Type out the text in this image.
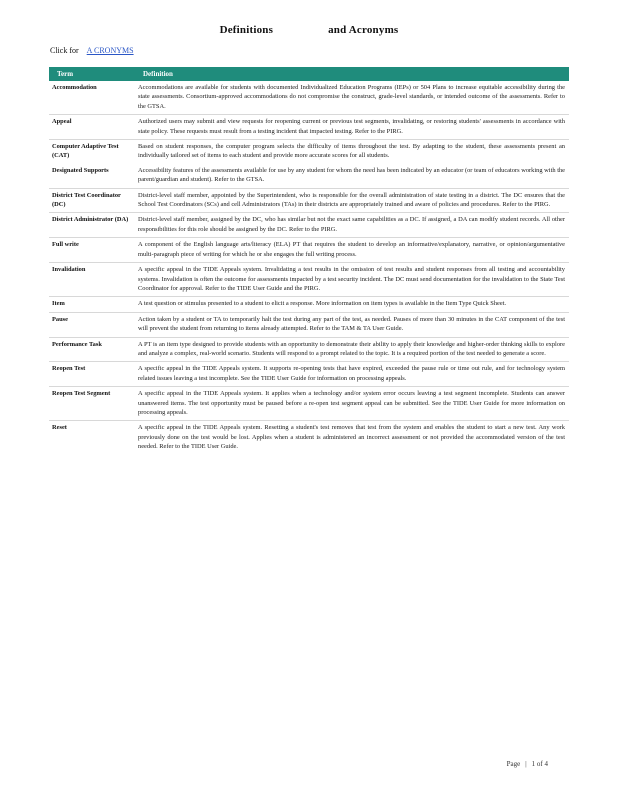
Definitions	and Acronyms
Click for A CRONYMS
Term	Definition
Accommodation	Accommodations are available for students with documented Individualized Education Programs (IEPs) or 504 Plans to increase equitable accessibility during the state assessments. Consortium-approved accommodations do not compromise the construct, grade-level standards, or intended outcome of the assessments. Refer to the GTSA.
Appeal	Authorized users may submit and view requests for reopening current or previous test segments, invalidating, or restoring students' assessments in accordance with state policy. These requests must result from a testing incident that impacted testing. Refer to the PIRG.
Computer Adaptive Test (CAT)	Based on student responses, the computer program selects the difficulty of items throughout the test. By adapting to the student, these assessments present an individually tailored set of items to each student and provide more accurate scores for all students.
Designated Supports	Accessibility features of the assessments available for use by any student for whom the need has been indicated by an educator (or team of educators working with the parent/guardian and student). Refer to the GTSA.
District Test Coordinator (DC)	District-level staff member, appointed by the Superintendent, who is responsible for the overall administration of state testing in a district. The DC ensures that the School Test Coordinators (SCs) and cell Administrators (TAs) in their districts are appropriately trained and aware of policies and procedures. Refer to the PIRG.
District Administrator (DA)	District-level staff member, assigned by the DC, who has similar but not the exact same capabilities as a DC. If assigned, a DA can modify student records. All other responsibilities for this role should be assigned by the DC. Refer to the PIRG.
Full write	A component of the English language arts/literacy (ELA) PT that requires the student to develop an informative/explanatory, narrative, or opinion/argumentative multi-paragraph piece of writing for which he or she engages the full writing process.
Invalidation	A specific appeal in the TIDE Appeals system. Invalidating a test results in the omission of test results and student responses from all testing and accountability systems. Invalidation is often the outcome for assessments impacted by a test security incident. The DC must send documentation for the invalidation to the State Test Coordinator for approval. Refer to the TIDE User Guide and the PIRG.
Item	A test question or stimulus presented to a student to elicit a response. More information on item types is available in the Item Type Quick Sheet.
Pause	Action taken by a student or TA to temporarily halt the test during any part of the test, as needed. Pauses of more than 30 minutes in the CAT component of the test will prevent the student from returning to items already attempted. Refer to the TAM & TA User Guide.
Performance Task	A PT is an item type designed to provide students with an opportunity to demonstrate their ability to apply their knowledge and higher-order thinking skills to explore and analyze a complex, real-world scenario. Students will respond to a prompt related to the topic. It is a required portion of the test needed to generate a score.
Reopen Test	A specific appeal in the TIDE Appeals system. It supports re-opening tests that have expired, exceeded the pause rule or time out rule, and for technology system related issues leaving a test incomplete. See the TIDE User Guide for information on processing appeals.
Reopen Test Segment	A specific appeal in the TIDE Appeals system. It applies when a technology and/or system error occurs leaving a test segment incomplete. Students can answer unanswered items. The test opportunity must be paused before a re-open test segment appeal can be submitted. See the TIDE User Guide for more information on processing appeals.
Reset	A specific appeal in the TIDE Appeals system. Resetting a student's test removes that test from the system and enables the student to start a new test. Any work previously done on the test would be lost. Applies when a student is administered an incorrect assessment or not provided the accommodated version of the test needed. Refer to the TIDE User Guide.
Page | 1 of 4
